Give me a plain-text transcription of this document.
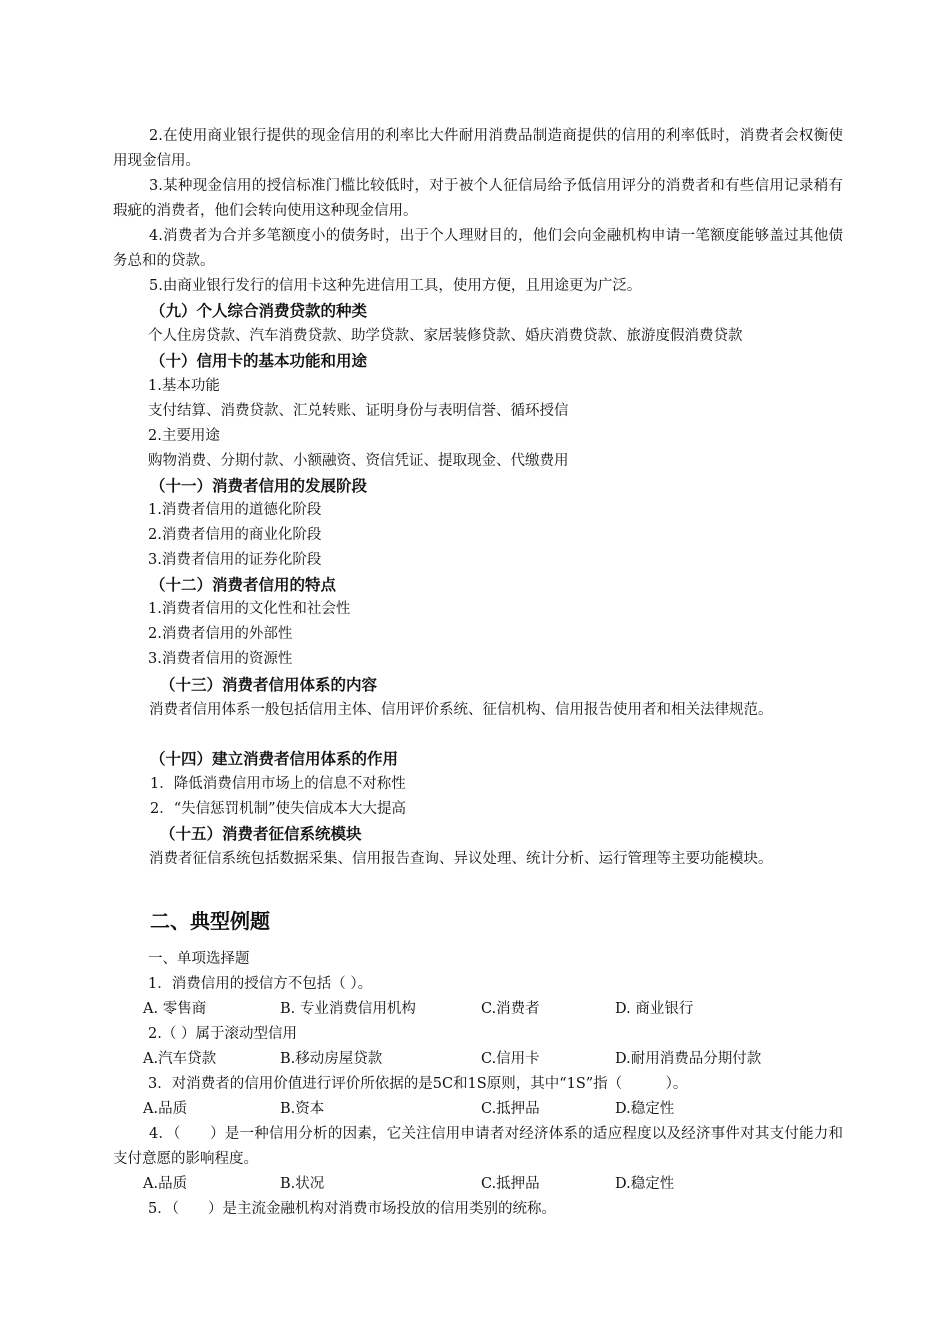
2.在使用商业银行提供的现金信用的利率比大件耐用消费品制造商提供的信用的利率低时，消费者会权衡使用现金信用。

3.某种现金信用的授信标准门槛比较低时，对于被个人征信局给予低信用评分的消费者和有些信用记录稍有瑕疵的消费者，他们会转向使用这种现金信用。

4.消费者为合并多笔额度小的债务时，出于个人理财目的，他们会向金融机构申请一笔额度能够盖过其他债务总和的贷款。

5.由商业银行发行的信用卡这种先进信用工具，使用方便，且用途更为广泛。

（九）个人综合消费贷款的种类

个人住房贷款、汽车消费贷款、助学贷款、家居装修贷款、婚庆消费贷款、旅游度假消费贷款

（十）信用卡的基本功能和用途

1.基本功能

支付结算、消费贷款、汇兑转账、证明身份与表明信誉、循环授信

2.主要用途

购物消费、分期付款、小额融资、资信凭证、提取现金、代缴费用

（十一）消费者信用的发展阶段

1.消费者信用的道德化阶段

2.消费者信用的商业化阶段

3.消费者信用的证券化阶段

（十二）消费者信用的特点

1.消费者信用的文化性和社会性

2.消费者信用的外部性

3.消费者信用的资源性

（十三）消费者信用体系的内容

消费者信用体系一般包括信用主体、信用评价系统、征信机构、信用报告使用者和相关法律规范。

（十四）建立消费者信用体系的作用

1．降低消费信用市场上的信息不对称性

2．“失信惩罚机制”使失信成本大大提高

（十五）消费者征信系统模块

消费者征信系统包括数据采集、信用报告查询、异议处理、统计分析、运行管理等主要功能模块。

二、典型例题

一、单项选择题

1．消费信用的授信方不包括（ ）。

A. 零售商	B. 专业消费信用机构	C.消费者	D. 商业银行

2.（ ）属于滚动型信用

A.汽车贷款	B.移动房屋贷款	C.信用卡	D.耐用消费品分期付款

3．对消费者的信用价值进行评价所依据的是5C和1S原则，其中“1S”指（　　　）。

A.品质	B.资本	C.抵押品	D.稳定性

4．（　　）是一种信用分析的因素，它关注信用申请者对经济体系的适应程度以及经济事件对其支付能力和支付意愿的影响程度。

A.品质	B.状况	C.抵押品	D.稳定性

5．（　　）是主流金融机构对消费市场投放的信用类别的统称。
